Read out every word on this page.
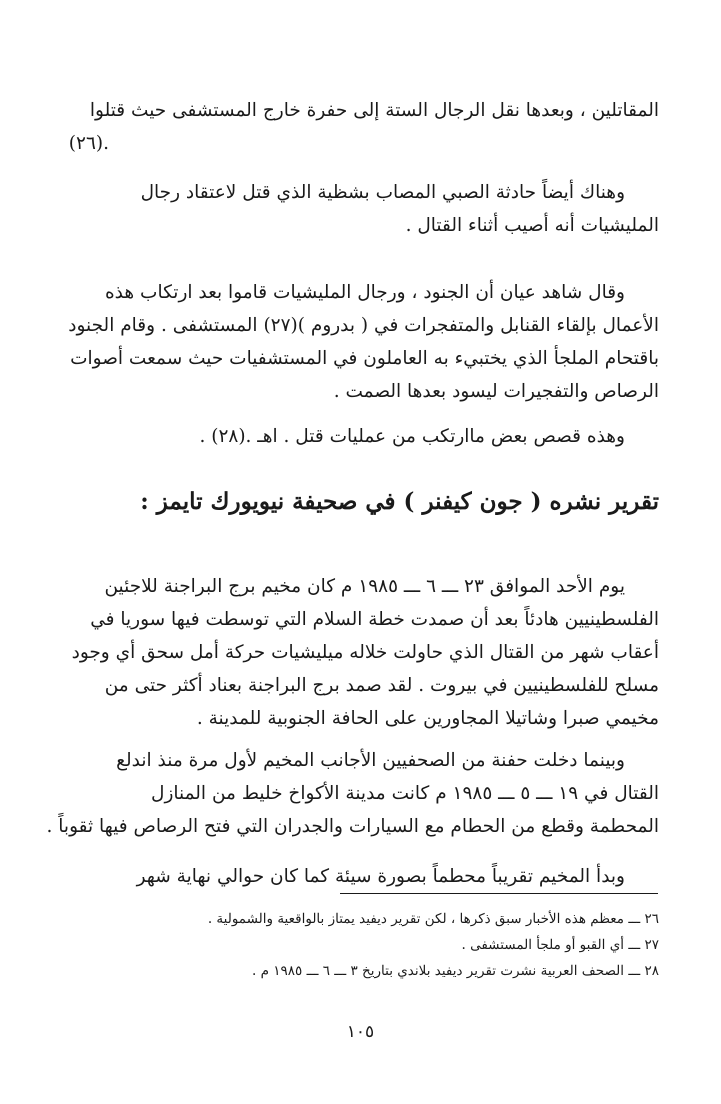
المقاتلين ، وبعدها نقل الرجال الستة إلى حفرة خارج المستشفى حيث قتلوا
.(٢٦)
وهناك أيضاً حادثة الصبي المصاب بشظية الذي قتل لاعتقاد رجال
المليشيات أنه أصيب أثناء القتال .
وقال شاهد عيان أن الجنود ، ورجال المليشيات قاموا بعد ارتكاب هذه
الأعمال بإلقاء القنابل والمتفجرات في ( بدروم )(٢٧) المستشفى . وقام الجنود
باقتحام الملجأ الذي يختبيء به العاملون في المستشفيات حيث سمعت أصوات
الرصاص والتفجيرات ليسود بعدها الصمت .
وهذه قصص بعض ماارتكب من عمليات قتل . اهـ .(٢٨) .
تقرير نشره ( جون كيفنر ) في صحيفة نيويورك تايمز :
يوم الأحد الموافق ٢٣ ـــ ٦ ـــ ١٩٨٥ م كان مخيم برج البراجنة للاجئين
الفلسطينيين هادئاً بعد أن صمدت خطة السلام التي توسطت فيها سوريا في
أعقاب شهر من القتال الذي حاولت خلاله ميليشيات حركة أمل سحق أي وجود
مسلح للفلسطينيين في بيروت . لقد صمد برج البراجنة بعناد أكثر حتى من
مخيمي صبرا وشاتيلا المجاورين على الحافة الجنوبية للمدينة .
وبينما دخلت حفنة من الصحفيين الأجانب المخيم لأول مرة منذ اندلع
القتال في ١٩ ـــ ٥ ـــ ١٩٨٥ م كانت مدينة الأكواخ خليط من المنازل
المحطمة وقطع من الحطام مع السيارات والجدران التي فتح الرصاص فيها ثقوباً .
وبدأ المخيم تقريباً محطماً بصورة سيئة كما كان حوالي نهاية شهر
٢٦ ـــ معظم هذه الأخبار سبق ذكرها ، لكن تقرير ديفيد يمتاز بالواقعية والشمولية .
٢٧ ـــ أي القبو أو ملجأ المستشفى .
٢٨ ـــ الصحف العربية نشرت تقرير ديفيد بلاندي بتاريخ ٣ ـــ ٦ ـــ ١٩٨٥ م .
١٠٥
